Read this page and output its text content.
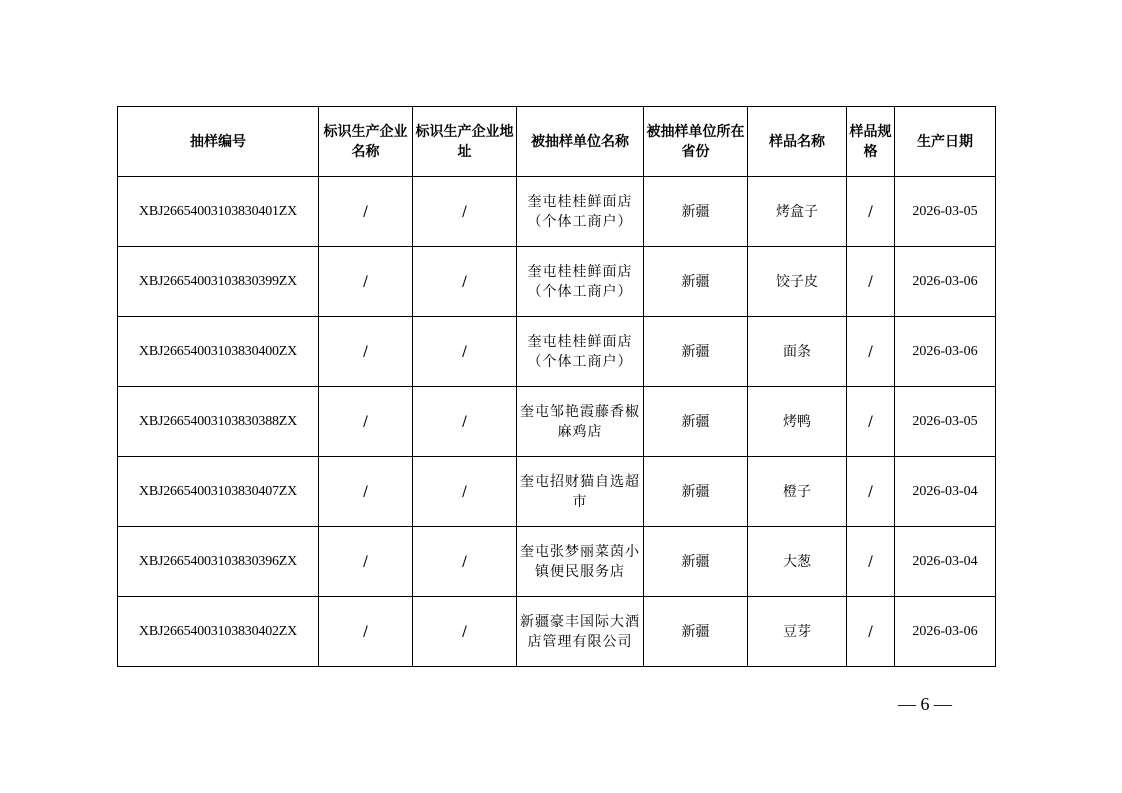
抽样编号	标识生产企业名称	标识生产企业地址	被抽样单位名称	被抽样单位所在省份	样品名称	样品规格	生产日期
XBJ26654003103830401ZX	/	/	奎屯桂桂鲜面店（个体工商户）	新疆	烤盒子	/	2026-03-05
XBJ26654003103830399ZX	/	/	奎屯桂桂鲜面店（个体工商户）	新疆	饺子皮	/	2026-03-06
XBJ26654003103830400ZX	/	/	奎屯桂桂鲜面店（个体工商户）	新疆	面条	/	2026-03-06
XBJ26654003103830388ZX	/	/	奎屯邹艳霞藤香椒麻鸡店	新疆	烤鸭	/	2026-03-05
XBJ26654003103830407ZX	/	/	奎屯招财猫自选超市	新疆	橙子	/	2026-03-04
XBJ26654003103830396ZX	/	/	奎屯张梦丽菜茵小镇便民服务店	新疆	大葱	/	2026-03-04
XBJ26654003103830402ZX	/	/	新疆豪丰国际大酒店管理有限公司	新疆	豆芽	/	2026-03-06
— 6 —
